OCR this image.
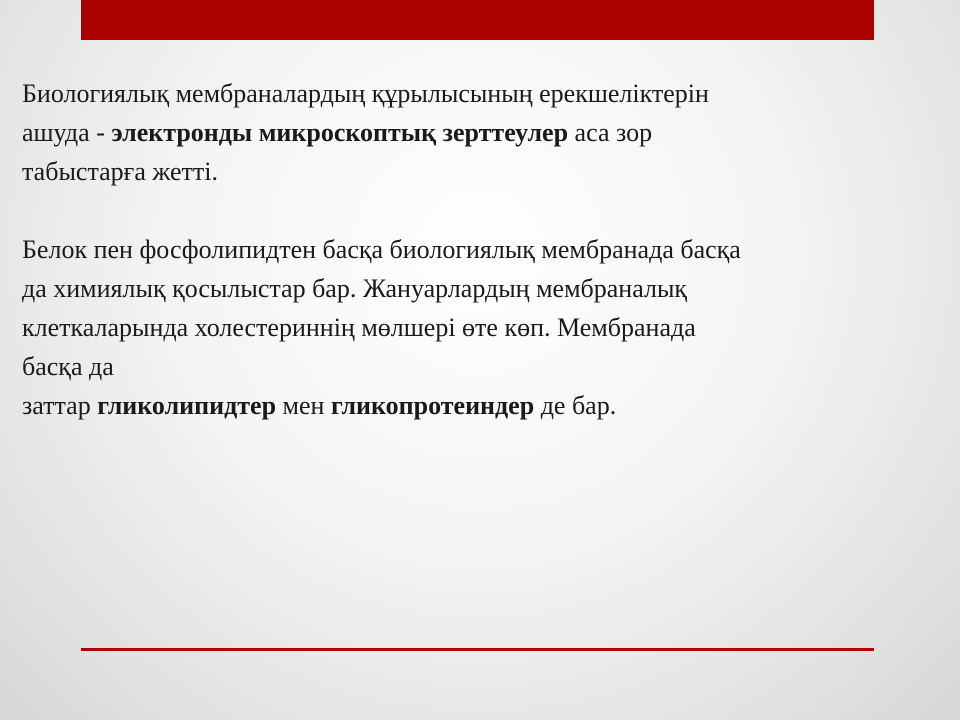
Биологиялық мембраналардың құрылысының ерекшеліктерін
ашуда - электронды микроскоптық зерттеулер аса зор
табыстарға жетті.

Белок пен фосфолипидтен басқа биологиялық мембранада басқа
да химиялық қосылыстар бар. Жануарлардың мембраналық
клеткаларында холестериннің мөлшері өте көп. Мембранада
басқа да
заттар гликолипидтер мен гликопротеиндер де бар.
